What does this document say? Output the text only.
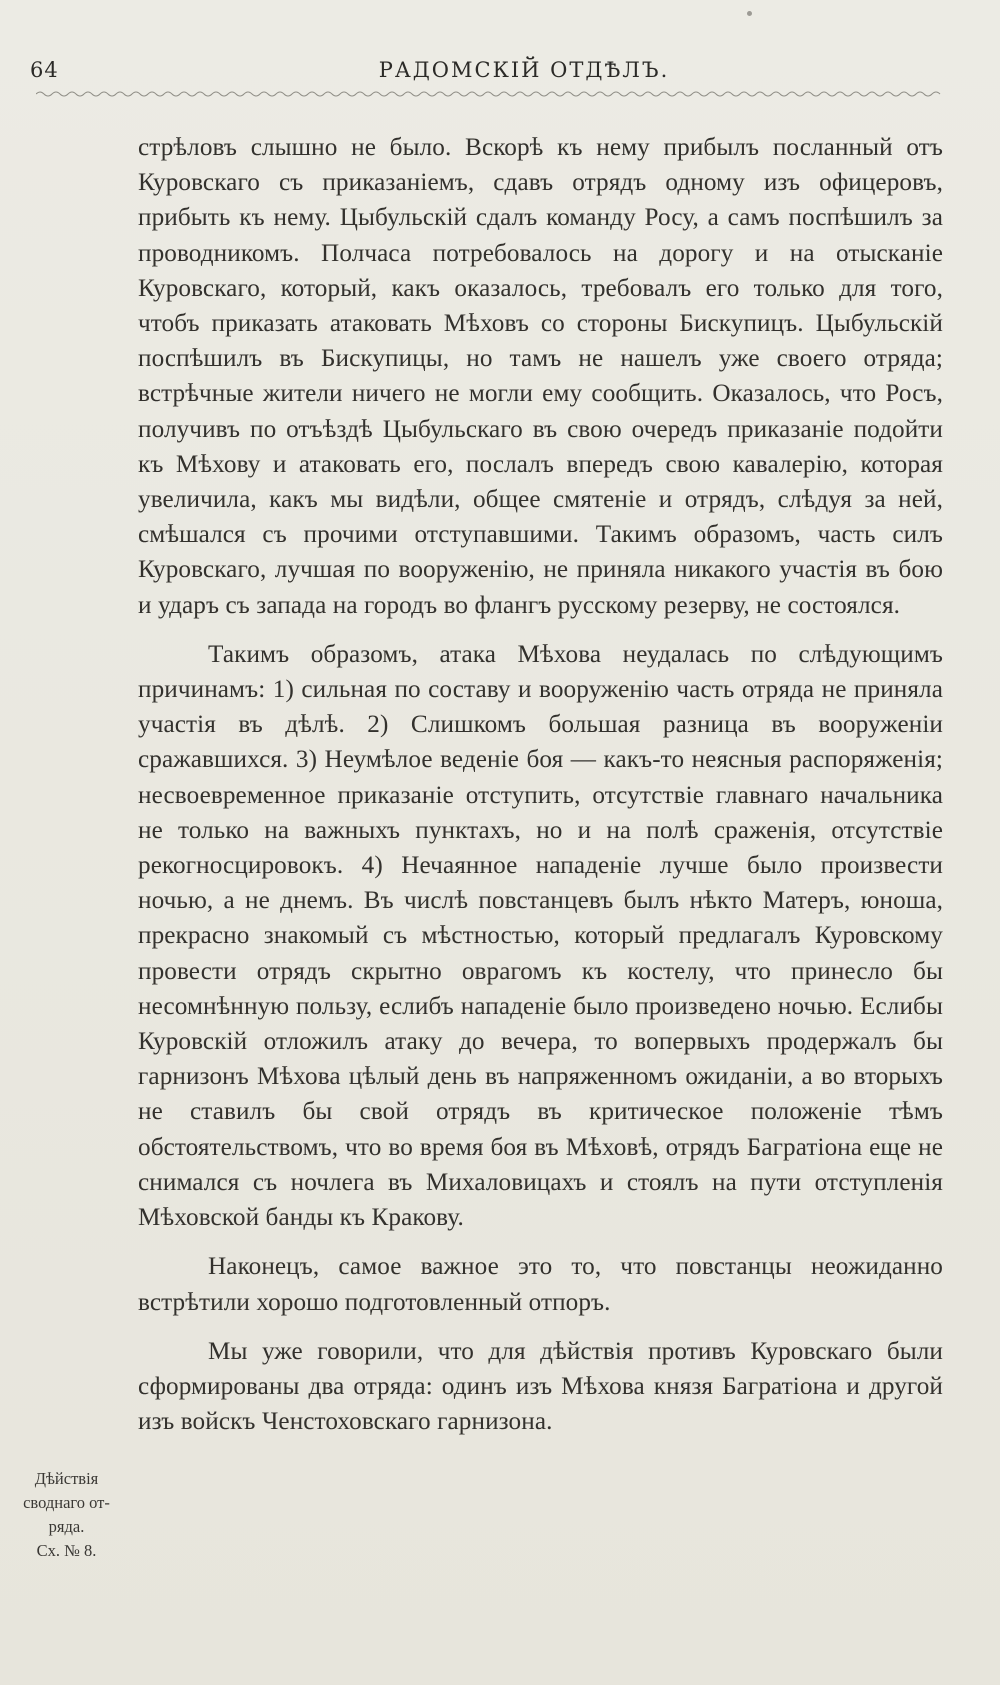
64	РАДОМСКІЙ ОТДѢЛЪ.

стрѣловъ слышно не было. Вскорѣ къ нему прибылъ посланный отъ Куровскаго съ приказаніемъ, сдавъ отрядъ одному изъ офицеровъ, прибыть къ нему. Цыбульскій сдалъ команду Росу, а самъ поспѣшилъ за проводникомъ. Полчаса потребовалось на дорогу и на отысканіе Куровскаго, который, какъ оказалось, требовалъ его только для того, чтобъ приказать атаковать Мѣховъ со стороны Бискупицъ. Цыбульскій поспѣшилъ въ Бискупицы, но тамъ не нашелъ уже своего отряда; встрѣчные жители ничего не могли ему сообщить. Оказалось, что Росъ, получивъ по отъѣздѣ Цыбульскаго въ свою очередъ приказаніе подойти къ Мѣхову и атаковать его, послалъ впередъ свою кавалерію, которая увеличила, какъ мы видѣли, общее смятеніе и отрядъ, слѣдуя за ней, смѣшался съ прочими отступавшими. Такимъ образомъ, часть силъ Куровскаго, лучшая по вооруженію, не приняла никакого участія въ бою и ударъ съ запада на городъ во флангъ русскому резерву, не состоялся.

Такимъ образомъ, атака Мѣхова неудалась по слѣдующимъ причинамъ: 1) сильная по составу и вооруженію часть отряда не приняла участія въ дѣлѣ. 2) Слишкомъ большая разница въ вооруженіи сражавшихся. 3) Неумѣлое веденіе боя — какъ-то неясныя распоряженія; несвоевременное приказаніе отступить, отсутствіе главнаго начальника не только на важныхъ пунктахъ, но и на полѣ сраженія, отсутствіе рекогносцировокъ. 4) Нечаянное нападеніе лучше было произвести ночью, а не днемъ. Въ числѣ повстанцевъ былъ нѣкто Матеръ, юноша, прекрасно знакомый съ мѣстностью, который предлагалъ Куровскому провести отрядъ скрытно оврагомъ къ костелу, что принесло бы несомнѣнную пользу, еслибъ нападеніе было произведено ночью. Еслибы Куровскій отложилъ атаку до вечера, то вопервыхъ продержалъ бы гарнизонъ Мѣхова цѣлый день въ напряженномъ ожиданіи, а во вторыхъ не ставилъ бы свой отрядъ въ критическое положеніе тѣмъ обстоятельствомъ, что во время боя въ Мѣховѣ, отрядъ Багратіона еще не снимался съ ночлега въ Михаловицахъ и стоялъ на пути отступленія Мѣховской банды къ Кракову.

Наконецъ, самое важное это то, что повстанцы неожиданно встрѣтили хорошо подготовленный отпоръ.

Мы уже говорили, что для дѣйствія противъ Куровскаго были сформированы два отряда: одинъ изъ Мѣхова князя Багратіона и другой изъ войскъ Ченстоховскаго гарнизона.

Дѣйствія
своднаго от-
ряда.
Сх. № 8.
